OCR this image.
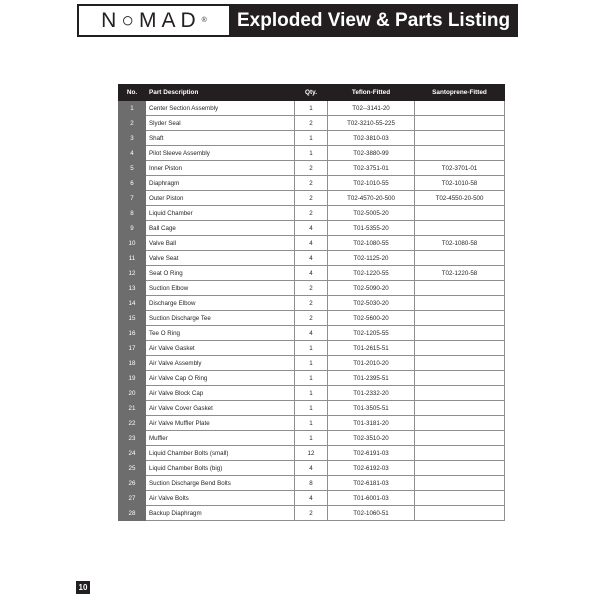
N○MAD ®	Exploded View & Parts Listing
No.	Part Description	Qty.	Teflon-Fitted	Santoprene-Fitted
1	Center Section Assembly	1	T02--3141-20	
2	Slyder Seal	2	T02-3210-55-225	
3	Shaft	1	T02-3810-03	
4	Pilot Sleeve Assembly	1	T02-3880-99	
5	Inner Piston	2	T02-3751-01	T02-3701-01
6	Diaphragm	2	T02-1010-55	T02-1010-58
7	Outer Piston	2	T02-4570-20-500	T02-4550-20-500
8	Liquid Chamber	2	T02-5005-20	
9	Ball Cage	4	T01-5355-20	
10	Valve Ball	4	T02-1080-55	T02-1080-58
11	Valve Seat	4	T02-1125-20	
12	Seat O Ring	4	T02-1220-55	T02-1220-58
13	Suction Elbow	2	T02-5090-20	
14	Discharge Elbow	2	T02-5030-20	
15	Suction Discharge Tee	2	T02-5600-20	
16	Tee O Ring	4	T02-1205-55	
17	Air Valve Gasket	1	T01-2615-51	
18	Air Valve Assembly	1	T01-2010-20	
19	Air Valve Cap O Ring	1	T01-2395-51	
20	Air Valve Block Cap	1	T01-2332-20	
21	Air Valve Cover Gasket	1	T01-3505-51	
22	Air Valve Muffler Plate	1	T01-3181-20	
23	Muffler	1	T02-3510-20	
24	Liquid Chamber Bolts (small)	12	T02-6191-03	
25	Liquid Chamber Bolts (big)	4	T02-6192-03	
26	Suction Discharge Bend Bolts	8	T02-6181-03	
27	Air Valve Bolts	4	T01-6001-03	
28	Backup Diaphragm	2	T02-1060-51	
10
